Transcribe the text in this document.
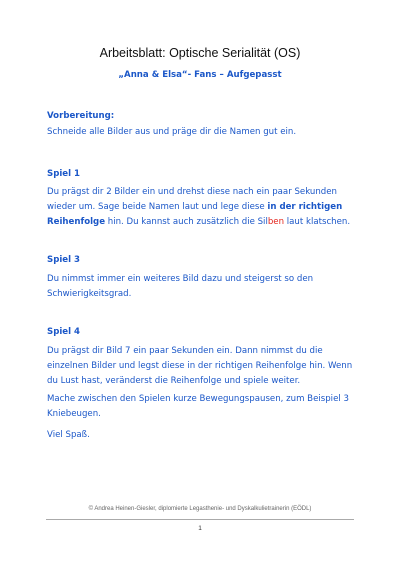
Arbeitsblatt: Optische Serialität (OS)
„Anna & Elsa“- Fans – Aufgepasst
Vorbereitung:
Schneide alle Bilder aus und präge dir die Namen gut ein.
Spiel 1
Du prägst dir 2 Bilder ein und drehst diese nach ein paar Sekunden wieder um. Sage beide Namen laut und lege diese in der richtigen Reihenfolge hin. Du kannst auch zusätzlich die Silben laut klatschen.
Spiel 3
Du nimmst immer ein weiteres Bild dazu und steigerst so den Schwierigkeitsgrad.
Spiel 4
Du prägst dir Bild 7 ein paar Sekunden ein. Dann nimmst du die einzelnen Bilder und legst diese in der richtigen Reihenfolge hin. Wenn du Lust hast, veränderst die Reihenfolge und spiele weiter.
Mache zwischen den Spielen kurze Bewegungspausen, zum Beispiel 3 Kniebeugen.
Viel Spaß.
© Andrea Heinen-Giesler, diplomierte Legasthenie- und Dyskalkulietrainerin (EÖDL)
1
